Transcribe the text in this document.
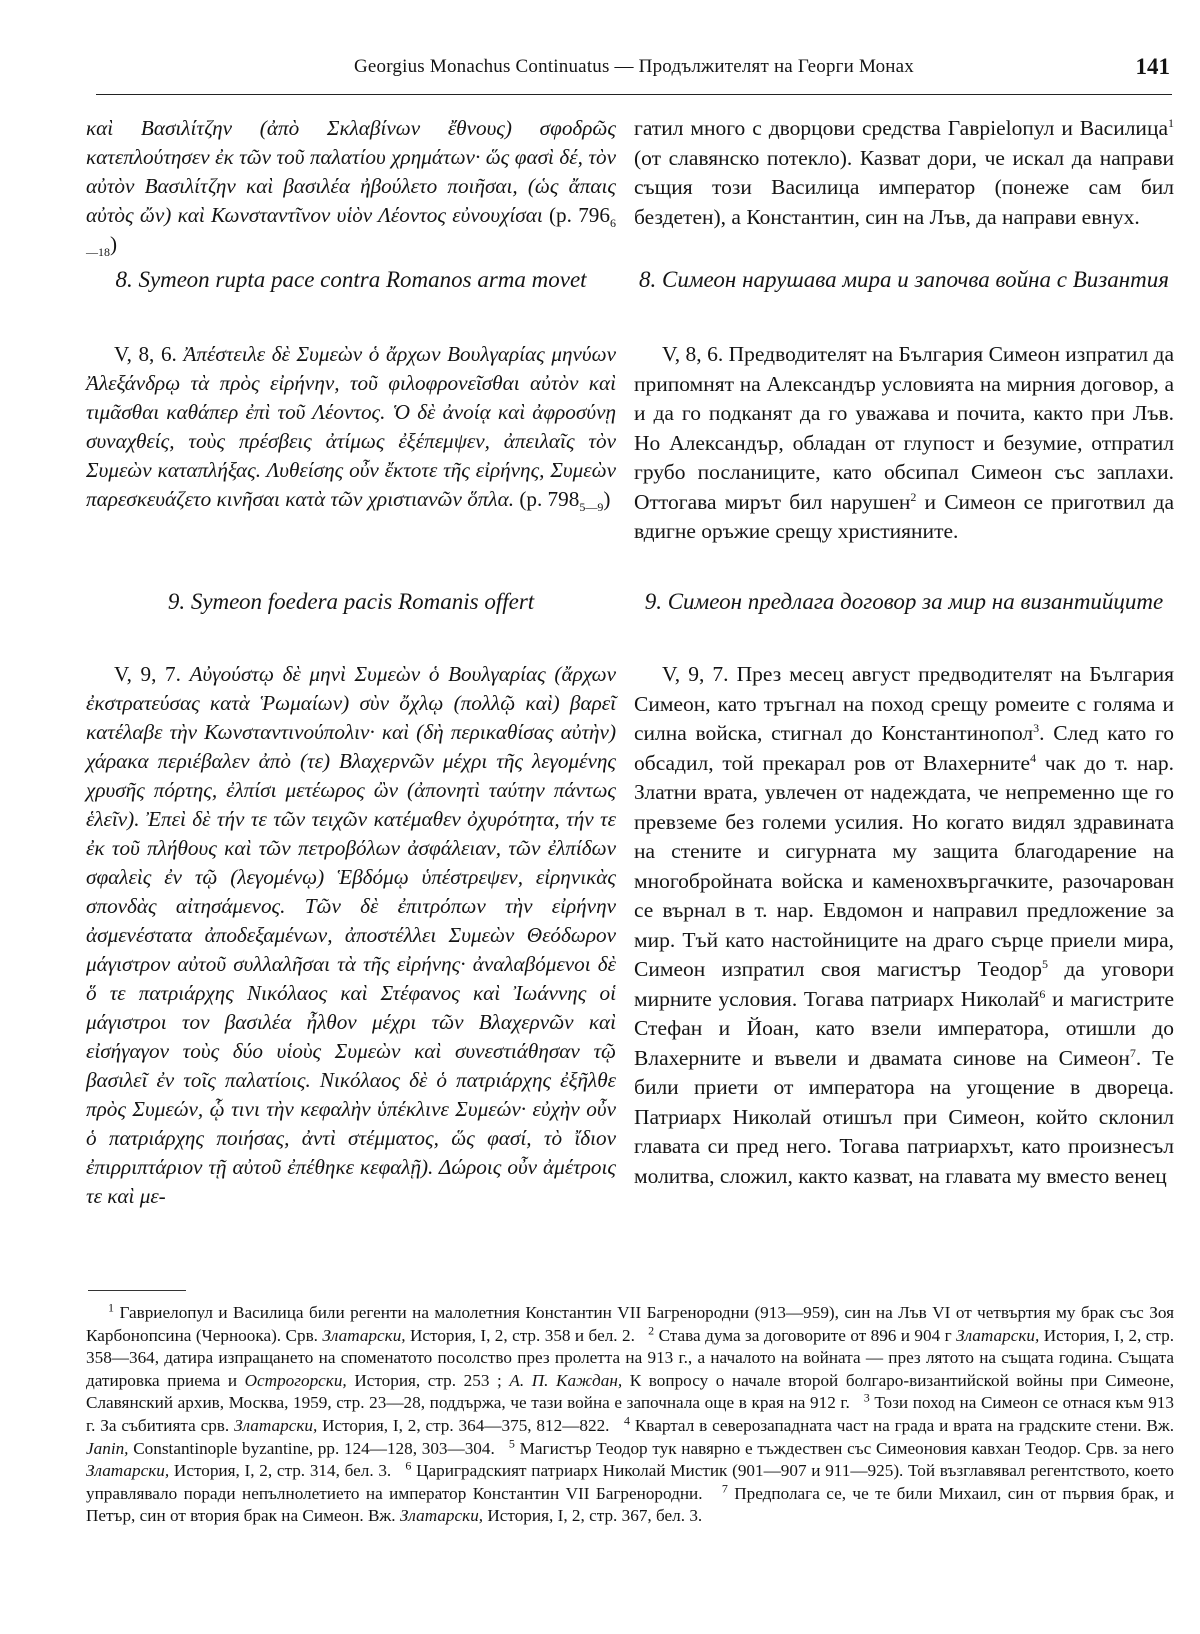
Georgius Monachus Continuatus — Продължителят на Георги Монах	141

καὶ Βασιλίτζην (ἀπὸ Σκλαβίνων ἔθνους) σφοδρῶς κατεπλούτησεν ἐκ τῶν τοῦ παλατίου χρημάτων· ὥς φασὶ δέ, τὸν αὐτὸν Βασιλίτζην καὶ βασιλέα ἠβούλετο ποιῆσαι, (ὡς ἄπαις αὐτὸς ὤν) καὶ Κωνσταντῖνον υἱὸν Λέοντος εὐνουχίσαι (p. $796_{6—18}$)

8. Syтеоn rupta pace contra Romanos arma movet

V, 8, 6. Ἀπέστειλε δὲ Συμεὼν ὁ ἄρχων Βουλγαρίας μηνύων Ἀλεξάνδρῳ τὰ πρὸς εἰρήνην, τοῦ φιλοφρονεῖσθαι αὐτὸν καὶ τιμᾶσθαι καθάπερ ἐπὶ τοῦ Λέοντος. Ὁ δὲ ἀνοίᾳ καὶ ἀφροσύνῃ συναχθείς, τοὺς πρέσβεις ἀτίμως ἐξέπεμψεν, ἀπειλαῖς τὸν Συμεὼν καταπλήξας. Λυθείσης οὖν ἔκτοτε τῆς εἰρήνης, Συμεὼν παρεσκευάζετο κινῆσαι κατὰ τῶν χριστιανῶν ὅπλα. (p. $798_{5—9}$)

9. Syтеоn foedera pacis Romanis offert

V, 9, 7. Αὐγούστῳ δὲ μηνὶ Συμεὼν ὁ Βουλγαρίας (ἄρχων ἐκστρατεύσας κατὰ Ῥωμαίων) σὺν ὄχλῳ (πολλῷ καὶ) βαρεῖ κατέλαβε τὴν Κωνσταντινούπολιν· καὶ (δὴ περικαθίσας αὐτὴν) χάρακα περιέβαλεν ἀπὸ (τε) Βλαχερνῶν μέχρι τῆς λεγομένης χρυσῆς πόρτης, ἐλπίσι μετέωρος ὢν (ἀπονητὶ ταύτην πάντως ἑλεῖν). Ἐπεὶ δὲ τήν τε τῶν τειχῶν κατέμαθεν ὀχυρότητα, τήν τε ἐκ τοῦ πλήθους καὶ τῶν πετροβόλων ἀσφάλειαν, τῶν ἐλπίδων σφαλεὶς ἐν τῷ (λεγομένῳ) Ἑβδόμῳ ὑπέστρεψεν, εἰρηνικὰς σπονδὰς αἰτησάμενος. Τῶν δὲ ἐπιτρόπων τὴν εἰρήνην ἀσμενέστατα ἀποδεξαμένων, ἀποστέλλει Συμεὼν Θεόδωρον μάγιστρον αὐτοῦ συλλαλῆσαι τὰ τῆς εἰρήνης· ἀναλαβόμενοι δὲ ὅ τε πατριάρχης Νικόλαος καὶ Στέφανος καὶ Ἰωάννης οἱ μάγιστροι τον βασιλέα ἦλθον μέχρι τῶν Βλαχερνῶν καὶ εἰσήγαγον τοὺς δύο υἱοὺς Συμεὼν καὶ συνεστιάθησαν τῷ βασιλεῖ ἐν τοῖς παλατίοις. Νικόλαος δὲ ὁ πατριάρχης ἐξῆλθε πρὸς Συμεών, ᾧ τινι τὴν κεφαλὴν ὑπέκλινε Συμεών· εὐχὴν οὖν ὁ πατριάρχης ποιήσας, ἀντὶ στέμματος, ὥς φασί, τὸ ἴδιον ἐπιρριπτάριον τῇ αὐτοῦ ἐπέθηκε κεφαλῇ). Δώροις οὖν ἀμέτροις τε καὶ με-

гатил много с дворцови средства Гаврielопул и Василица$^1$ (от славянско потекло). Казват дори, че искал да направи същия този Василица император (понеже сам бил бездетен), а Константин, син на Лъв, да направи евнух.

8. Симеон нарушава мира и започва война с Византия

V, 8, 6. Предводителят на България Симеон изпратил да припомнят на Александър условията на мирния договор, а и да го подканят да го уважава и почита, както при Лъв. Но Александър, обладан от глупост и безумие, отпратил грубо посланиците, като обсипал Симеон със заплахи. Оттогава мирът бил нарушен$^2$ и Симеон се приготвил да вдигне оръжие срещу християните.

9. Симеон предлага договор за мир на византийците

V, 9, 7. През месец август предводителят на България Симеон, като тръгнал на поход срещу ромеите с голяма и силна войска, стигнал до Константинопол$^3$. След като го обсадил, той прекарал ров от Влахерните$^4$ чак до т. нар. Златни врата, увлечен от надеждата, че непременно ще го превземе без големи усилия. Но когато видял здравината на стените и сигурната му защита благодарение на многобройната войска и каменохвъргачките, разочарован се върнал в т. нар. Евдомон и направил предложение за мир. Тъй като настойниците на драго сърце приели мира, Симеон изпратил своя магистър Теодор$^5$ да уговори мирните условия. Тогава патриарх Николай$^6$ и магистрите Стефан и Йоан, като взели императора, отишли до Влахерните и въвели и двамата синове на Симеон$^7$. Те били приети от императора на угощение в двореца. Патриарх Николай отишъл при Симеон, който склонил главата си пред него. Тогава патриархът, като произнесъл молитва, сложил, както казват, на главата му вместо венец

$^1$ Гавриелопул и Василица били регенти на малолетния Константин VII Багренородни (913—959), син на Лъв VI от четвъртия му брак със Зоя Карбонопсина (Черноока). Срв. Златарски, История, I, 2, стр. 358 и бел. 2. $^2$ Става дума за договорите от 896 и 904 г Златарски, История, I, 2, стр. 358—364, датира изпращането на споменатото посолство през пролетта на 913 г., а началото на войната — през лятото на същата година. Същата датировка приема и Острогорски, История, стр. 253 ; А. П. Каждан, К вопросу о начале второй болгаро-византийской войны при Симеоне, Славянский архив, Москва, 1959, стр. 23—28, поддържа, че тази война е започнала още в края на 912 г. $^3$ Този поход на Симеон се отнася към 913 г. За събитията срв. Златарски, История, I, 2, стр. 364—375, 812—822. $^4$ Квартал в северозападната част на града и врата на градските стени. Вж. Janin, Constantinople byzantine, pp. 124—128, 303—304. $^5$ Магистър Теодор тук навярно е тъждествен със Симеоновия кавхан Теодор. Срв. за него Златарски, История, I, 2, стр. 314, бел. 3. $^6$ Цариградският патриарх Николай Мистик (901—907 и 911—925). Той възглавявал регентството, което управлявало поради непълнолетието на император Константин VII Багренородни. $^7$ Предполага се, че те били Михаил, син от първия брак, и Петър, син от втория брак на Симеон. Вж. Златарски, История, I, 2, стр. 367, бел. 3.
